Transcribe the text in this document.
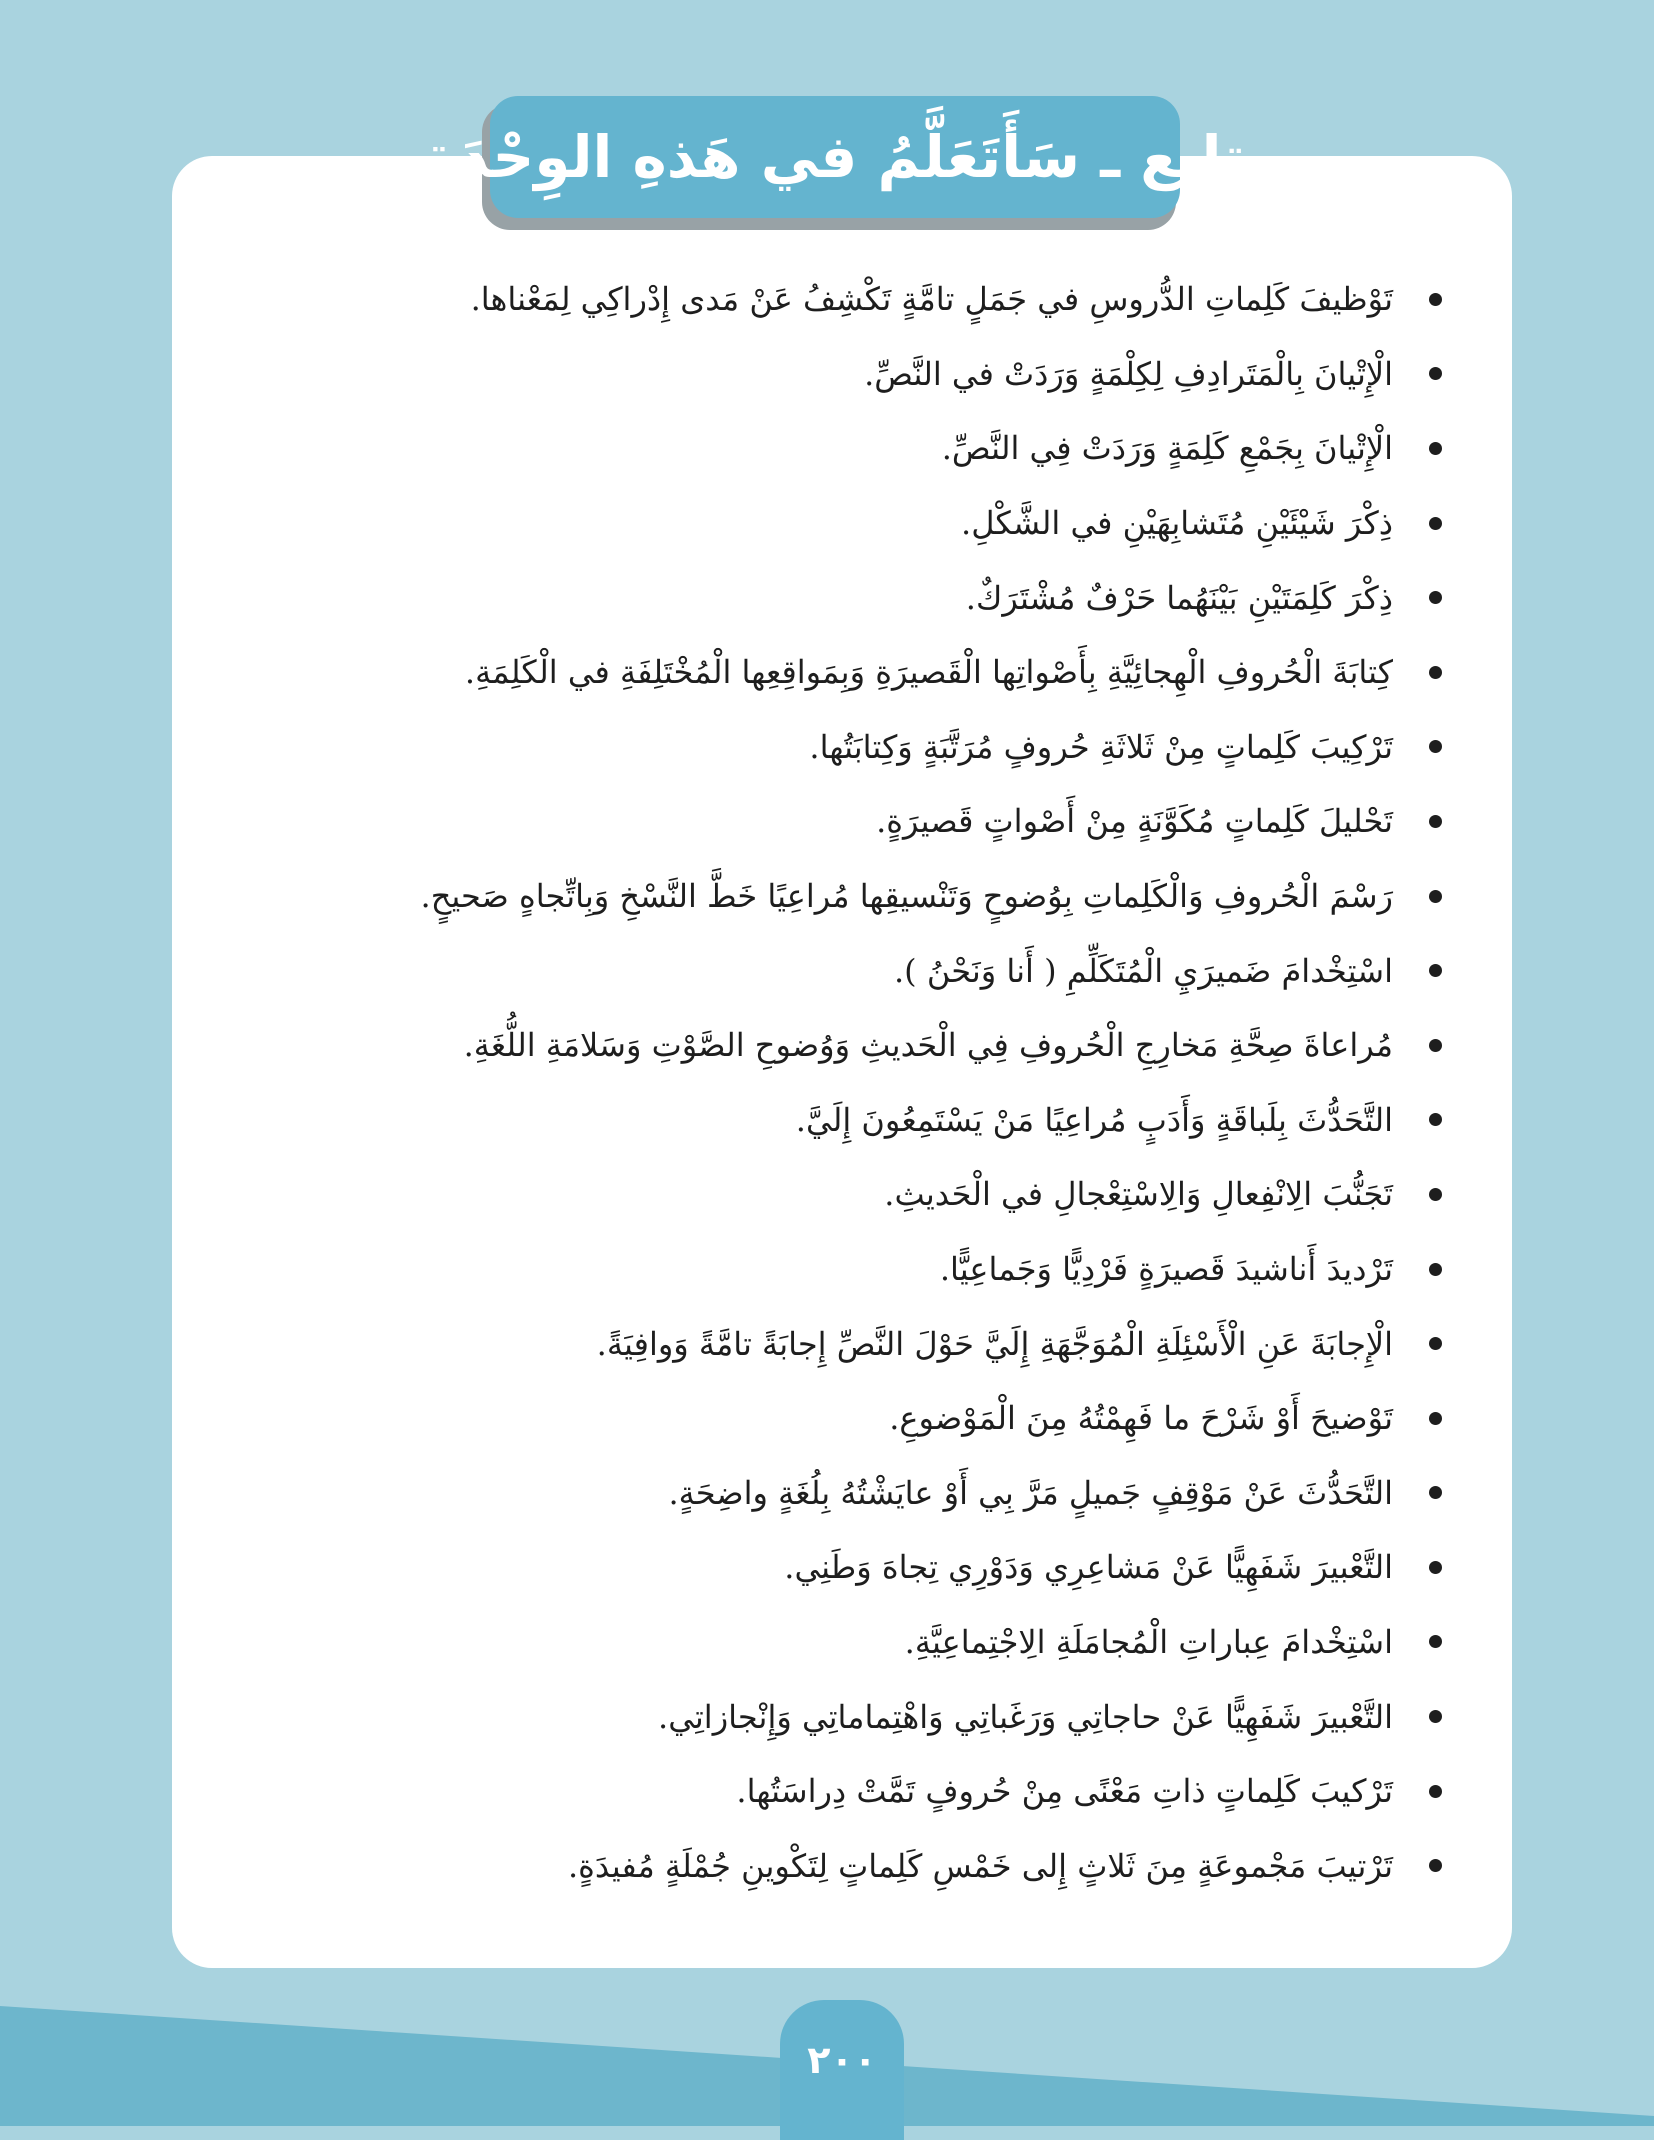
تابع ـ سَأَتَعَلَّمُ في هَذهِ الوِحْدَةِ
تَوْظيفَ كَلِماتِ الدُّروسِ في جَمَلٍ تامَّةٍ تَكْشِفُ عَنْ مَدى إِدْراكِي لِمَعْناها.
الْإِتْيانَ بِالْمَتَرادِفِ لِكِلْمَةٍ وَرَدَتْ في النَّصِّ.
الْإِتْيانَ بِجَمْعِ كَلِمَةٍ وَرَدَتْ فِي النَّصِّ.
ذِكْرَ شَيْئَيْنِ مُتَشابِهَيْنِ في الشَّكْلِ.
ذِكْرَ كَلِمَتَيْنِ بَيْنَهُما حَرْفٌ مُشْتَرَكٌ.
كِتابَةَ الْحُروفِ الْهِجائِيَّةِ بِأَصْواتِها الْقَصيرَةِ وَبِمَواقِعِها الْمُخْتَلِفَةِ في الْكَلِمَةِ.
تَرْكِيبَ كَلِماتٍ مِنْ ثَلاثَةِ حُروفٍ مُرَتَّبَةٍ وَكِتابَتُها.
تَحْليلَ كَلِماتٍ مُكَوَّنَةٍ مِنْ أَصْواتٍ قَصيرَةٍ.
رَسْمَ الْحُروفِ وَالْكَلِماتِ بِوُضوحٍ وَتَنْسيقِها مُراعِيًا خَطَّ النَّسْخِ وَبِاتِّجاهٍ صَحيحٍ.
اسْتِخْدامَ ضَميرَيِ الْمُتَكَلِّمِ ( أَنا وَنَحْنُ ).
مُراعاةَ صِحَّةِ مَخارِجِ الْحُروفِ فِي الْحَديثِ وَوُضوحِ الصَّوْتِ وَسَلامَةِ اللُّغَةِ.
التَّحَدُّثَ بِلَباقَةٍ وَأَدَبٍ مُراعِيًا مَنْ يَسْتَمِعُونَ إِلَيَّ.
تَجَنُّبَ الِانْفِعالِ وَالِاسْتِعْجالِ في الْحَديثِ.
تَرْديدَ أَناشيدَ قَصيرَةٍ فَرْدِيًّا وَجَماعِيًّا.
الْإِجابَةَ عَنِ الْأَسْئِلَةِ الْمُوَجَّهَةِ إِلَيَّ حَوْلَ النَّصِّ إِجابَةً تامَّةً وَوافِيَةً.
تَوْضيحَ أَوْ شَرْحَ ما فَهِمْتُهُ مِنَ الْمَوْضوعِ.
التَّحَدُّثَ عَنْ مَوْقِفٍ جَميلٍ مَرَّ بِي أَوْ عايَشْتُهُ بِلُغَةٍ واضِحَةٍ.
التَّعْبيرَ شَفَهِيًّا عَنْ مَشاعِرِي وَدَوْرِي تِجاهَ وَطَنِي.
اسْتِخْدامَ عِباراتِ الْمُجامَلَةِ الِاجْتِماعِيَّةِ.
التَّعْبيرَ شَفَهِيًّا عَنْ حاجاتِي وَرَغَباتِي وَاهْتِماماتِي وَإِنْجازاتِي.
تَرْكيبَ كَلِماتٍ ذاتِ مَعْنًى مِنْ حُروفٍ تَمَّتْ دِراسَتُها.
تَرْتيبَ مَجْموعَةٍ مِنَ ثَلاثٍ إِلى خَمْسِ كَلِماتٍ لِتَكْوينِ جُمْلَةٍ مُفيدَةٍ.
٢٠٠
